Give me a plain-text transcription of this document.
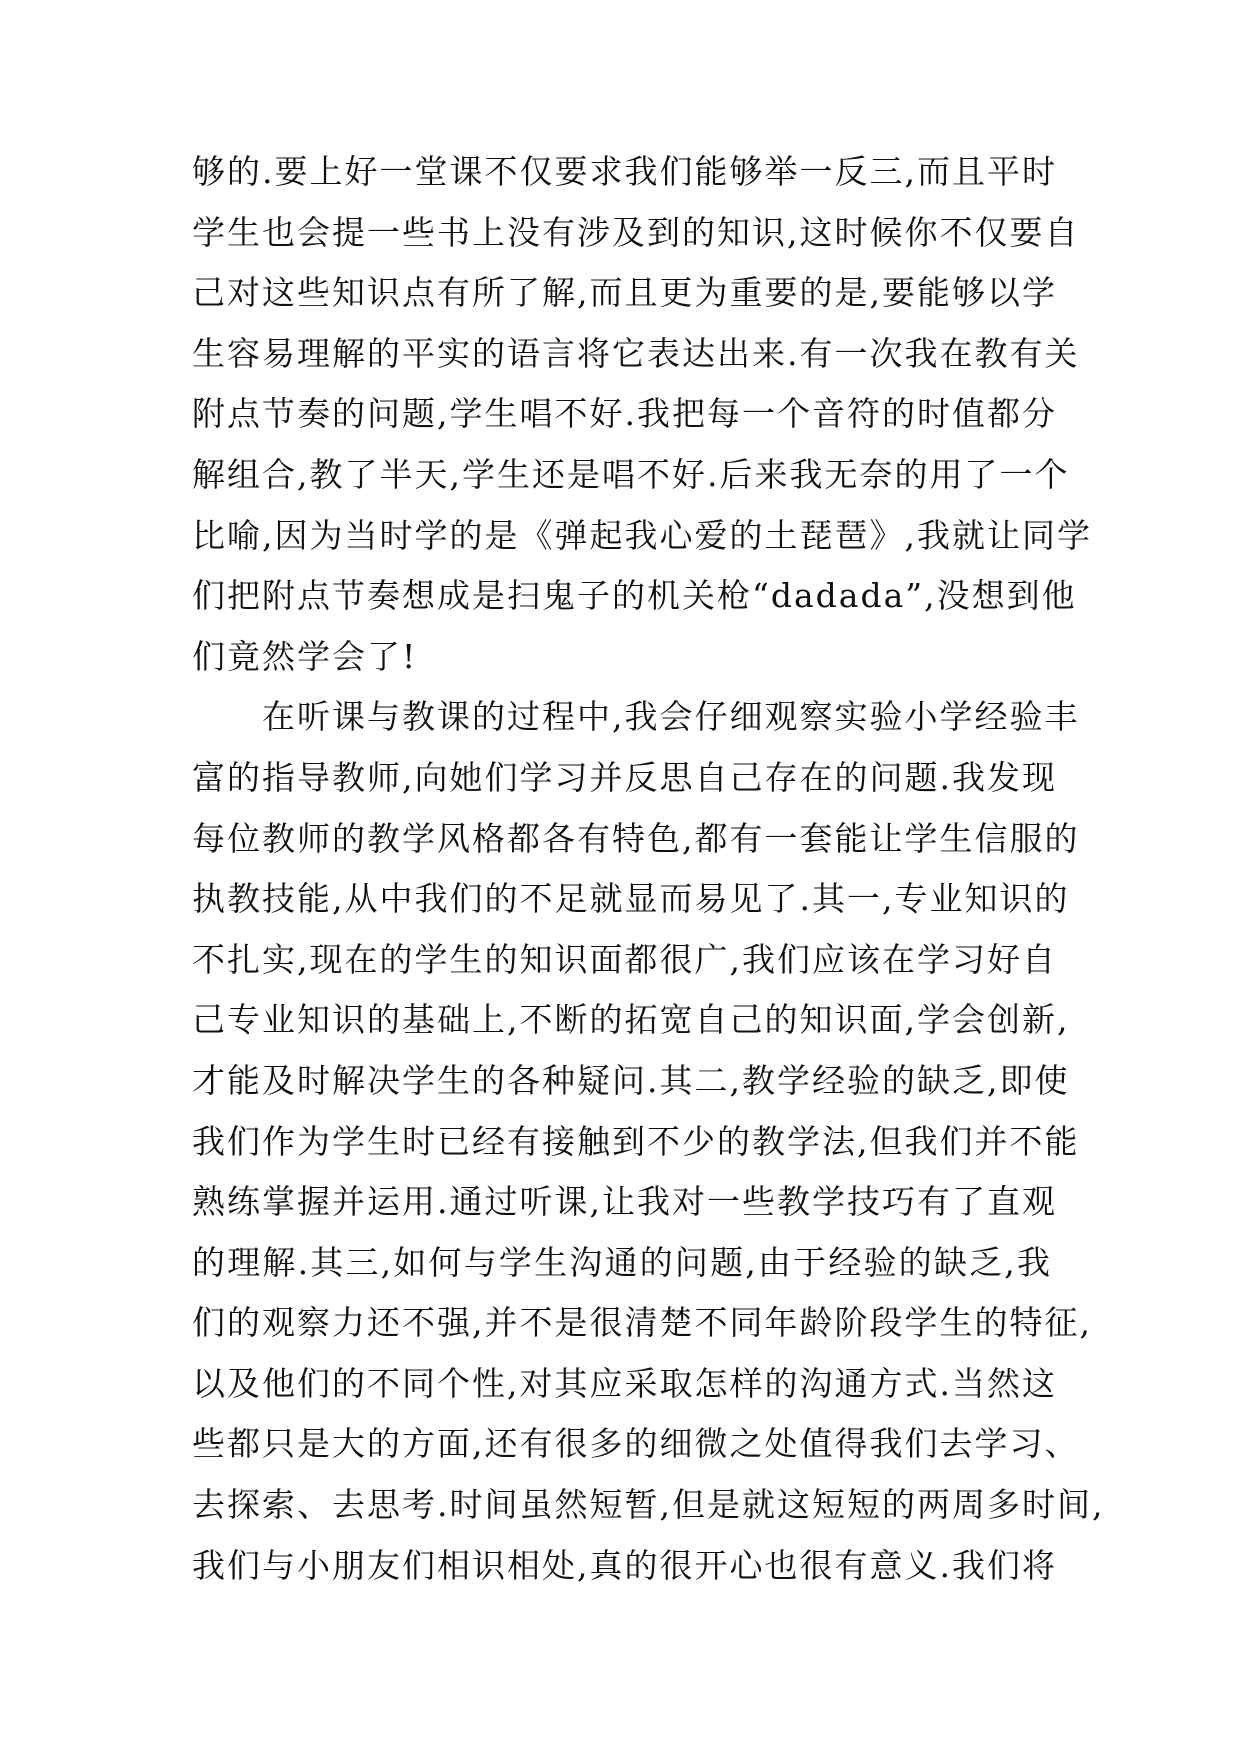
够的.要上好一堂课不仅要求我们能够举一反三,而且平时
学生也会提一些书上没有涉及到的知识,这时候你不仅要自
己对这些知识点有所了解,而且更为重要的是,要能够以学
生容易理解的平实的语言将它表达出来.有一次我在教有关
附点节奏的问题,学生唱不好.我把每一个音符的时值都分
解组合,教了半天,学生还是唱不好.后来我无奈的用了一个
比喻,因为当时学的是《弹起我心爱的土琵琶》,我就让同学
们把附点节奏想成是扫鬼子的机关枪“dadada”,没想到他
们竟然学会了!
在听课与教课的过程中,我会仔细观察实验小学经验丰
富的指导教师,向她们学习并反思自己存在的问题.我发现
每位教师的教学风格都各有特色,都有一套能让学生信服的
执教技能,从中我们的不足就显而易见了.其一,专业知识的
不扎实,现在的学生的知识面都很广,我们应该在学习好自
己专业知识的基础上,不断的拓宽自己的知识面,学会创新,
才能及时解决学生的各种疑问.其二,教学经验的缺乏,即使
我们作为学生时已经有接触到不少的教学法,但我们并不能
熟练掌握并运用.通过听课,让我对一些教学技巧有了直观
的理解.其三,如何与学生沟通的问题,由于经验的缺乏,我
们的观察力还不强,并不是很清楚不同年龄阶段学生的特征,
以及他们的不同个性,对其应采取怎样的沟通方式.当然这
些都只是大的方面,还有很多的细微之处值得我们去学习、
去探索、去思考.时间虽然短暂,但是就这短短的两周多时间,
我们与小朋友们相识相处,真的很开心也很有意义.我们将
